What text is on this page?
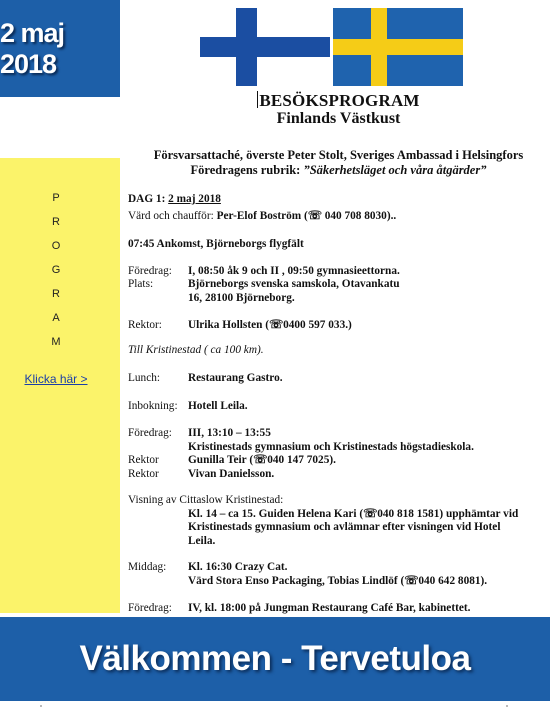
2 maj 2018
BESÖKSPROGRAM
Finlands Västkust
Försvarsattaché, överste Peter Stolt, Sveriges Ambassad i Helsingfors
Föredragens rubrik: ”Säkerhetsläget och våra åtgärder”
P
R
O
G
R
A
M
Klicka här >
DAG 1: 2 maj 2018
Värd och chaufför: Per-Elof Boström (☏ 040 708 8030)..
07:45 Ankomst, Björneborgs flygfält
Föredrag:	I, 08:50 åk 9 och II , 09:50 gymnasieettorna.
Plats:	Björneborgs svenska samskola, Otavankatu
16, 28100 Björneborg.
Rektor:	Ulrika Hollsten (☏0400 597 033.)
Till Kristinestad ( ca 100 km).
Lunch:	Restaurang Gastro.
Inbokning: Hotell Leila.
Föredrag:	III, 13:10 – 13:55
Kristinestads gymnasium och Kristinestads högstadieskola.
Rektor	Gunilla Teir (☏040 147 7025).
Rektor	Vivan Danielsson.
Visning av Cittaslow Kristinestad:
Kl. 14 – ca 15. Guiden Helena Kari (☏040 818 1581) upphämtar vid
Kristinestads gymnasium och avlämnar efter visningen vid Hotel
Leila.
Middag:	Kl. 16:30 Crazy Cat.
Värd Stora Enso Packaging, Tobias Lindlöf (☏040 642 8081).
Föredrag:	IV, kl. 18:00 på Jungman Restaurang Café Bar, kabinettet.
Välkommen - Tervetuloa
